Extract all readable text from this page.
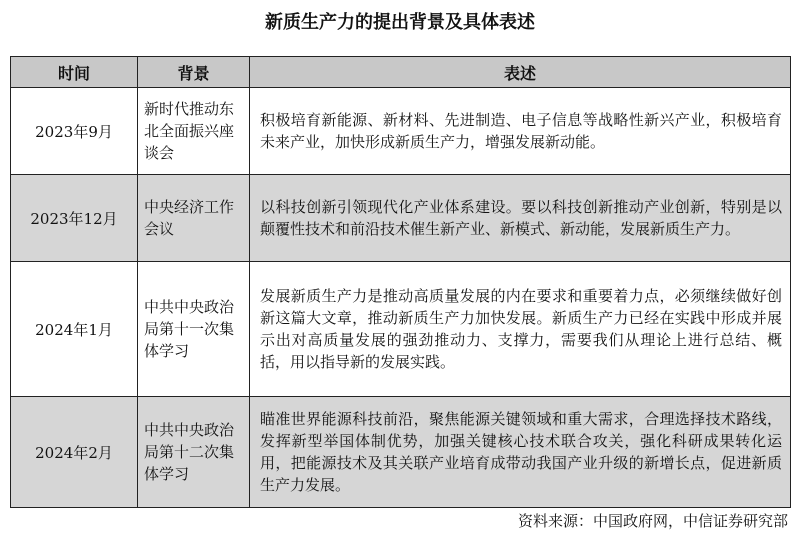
新质生产力的提出背景及具体表述
时间	背景	表述
2023年9月	新时代推动东北全面振兴座谈会	积极培育新能源、新材料、先进制造、电子信息等战略性新兴产业，积极培育未来产业，加快形成新质生产力，增强发展新动能。
2023年12月	中央经济工作会议	以科技创新引领现代化产业体系建设。要以科技创新推动产业创新，特别是以颠覆性技术和前沿技术催生新产业、新模式、新动能，发展新质生产力。
2024年1月	中共中央政治局第十一次集体学习	发展新质生产力是推动高质量发展的内在要求和重要着力点，必须继续做好创新这篇大文章，推动新质生产力加快发展。新质生产力已经在实践中形成并展示出对高质量发展的强劲推动力、支撑力，需要我们从理论上进行总结、概括，用以指导新的发展实践。
2024年2月	中共中央政治局第十二次集体学习	瞄准世界能源科技前沿，聚焦能源关键领域和重大需求，合理选择技术路线，发挥新型举国体制优势，加强关键核心技术联合攻关，强化科研成果转化运用，把能源技术及其关联产业培育成带动我国产业升级的新增长点，促进新质生产力发展。
资料来源：中国政府网，中信证券研究部
